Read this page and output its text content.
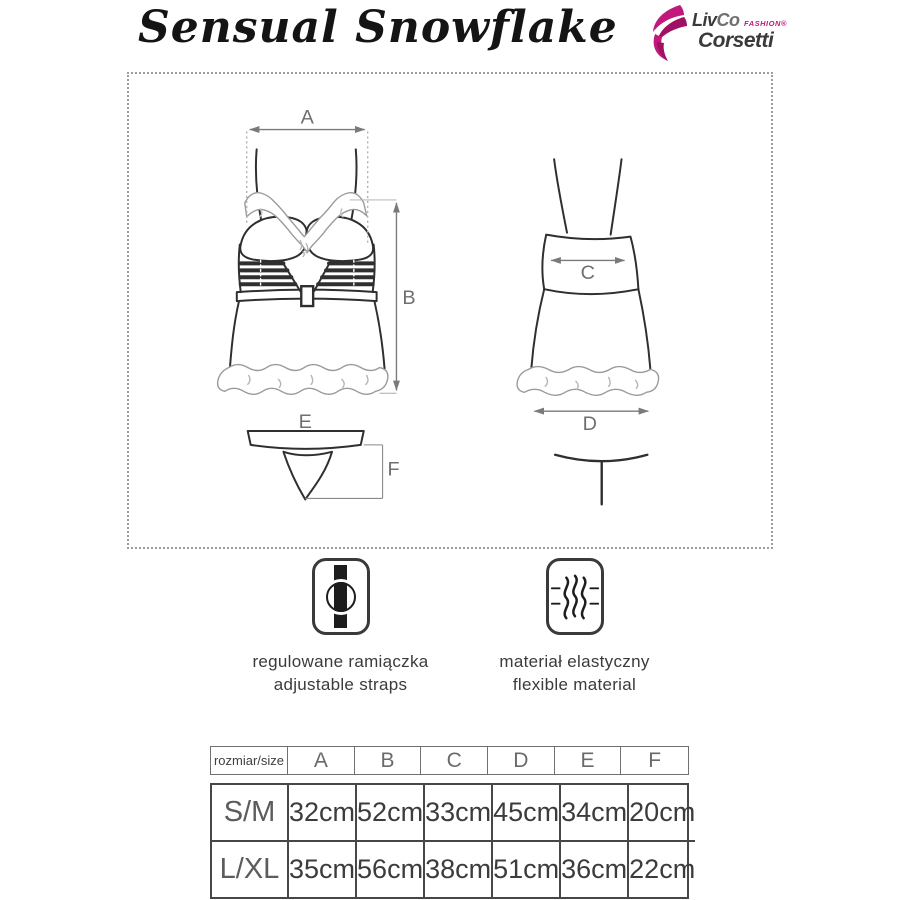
Sensual Snowflake	LivCo FASHION®
Corsetti
A
B
C
D
E
F
regulowane ramiączka
adjustable straps
materiał elastyczny
flexible material
rozmiar/size	A	B	C	D	E	F
S/M 32cm 52cm 33cm 45cm 34cm 20cm
L/XL 35cm 56cm 38cm 51cm 36cm 22cm
